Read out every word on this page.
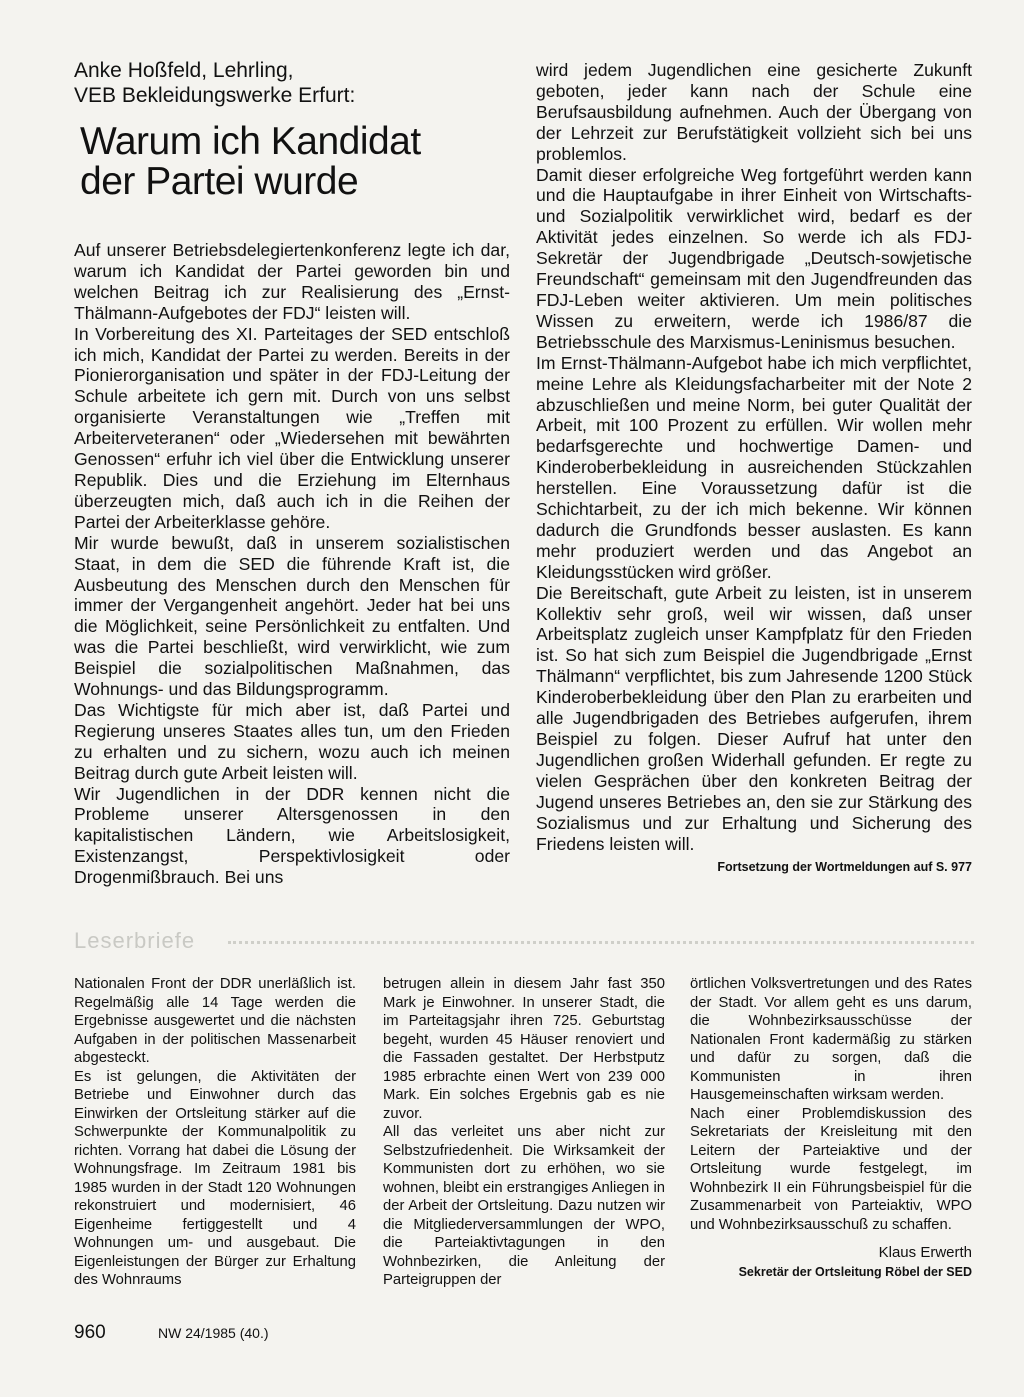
Anke Hoßfeld, Lehrling,

VEB Bekleidungswerke Erfurt:

Warum ich Kandidat
der Partei wurde

Auf unserer Betriebsdelegiertenkonferenz legte ich dar, warum ich Kandidat der Partei geworden bin und welchen Beitrag ich zur Realisierung des „Ernst-Thälmann-Aufgebotes der FDJ“ leisten will.

In Vorbereitung des XI. Parteitages der SED entschloß ich mich, Kandidat der Partei zu werden. Bereits in der Pionierorganisation und später in der FDJ-Leitung der Schule arbeitete ich gern mit. Durch von uns selbst organisierte Veranstaltungen wie „Treffen mit Arbeiterveteranen“ oder „Wiedersehen mit bewährten Genossen“ erfuhr ich viel über die Entwicklung unserer Republik. Dies und die Erziehung im Elternhaus überzeugten mich, daß auch ich in die Reihen der Partei der Arbeiterklasse gehöre.

Mir wurde bewußt, daß in unserem sozialistischen Staat, in dem die SED die führende Kraft ist, die Ausbeutung des Menschen durch den Menschen für immer der Vergangenheit angehört. Jeder hat bei uns die Möglichkeit, seine Persönlichkeit zu entfalten. Und was die Partei beschließt, wird verwirklicht, wie zum Beispiel die sozialpolitischen Maßnahmen, das Wohnungs- und das Bildungsprogramm.

Das Wichtigste für mich aber ist, daß Partei und Regierung unseres Staates alles tun, um den Frieden zu erhalten und zu sichern, wozu auch ich meinen Beitrag durch gute Arbeit leisten will.

Wir Jugendlichen in der DDR kennen nicht die Probleme unserer Altersgenossen in den kapitalistischen Ländern, wie Arbeitslosigkeit, Existenzangst, Perspektivlosigkeit oder Drogenmißbrauch. Bei uns

wird jedem Jugendlichen eine gesicherte Zukunft geboten, jeder kann nach der Schule eine Berufsausbildung aufnehmen. Auch der Übergang von der Lehrzeit zur Berufstätigkeit vollzieht sich bei uns problemlos.

Damit dieser erfolgreiche Weg fortgeführt werden kann und die Hauptaufgabe in ihrer Einheit von Wirtschafts- und Sozialpolitik verwirklichet wird, bedarf es der Aktivität jedes einzelnen. So werde ich als FDJ-Sekretär der Jugendbrigade „Deutsch-sowjetische Freundschaft“ gemeinsam mit den Jugendfreunden das FDJ-Leben weiter aktivieren. Um mein politisches Wissen zu erweitern, werde ich 1986/87 die Betriebsschule des Marxismus-Leninismus besuchen.

Im Ernst-Thälmann-Aufgebot habe ich mich verpflichtet, meine Lehre als Kleidungsfacharbeiter mit der Note 2 abzuschließen und meine Norm, bei guter Qualität der Arbeit, mit 100 Prozent zu erfüllen. Wir wollen mehr bedarfsgerechte und hochwertige Damen- und Kinderoberbekleidung in ausreichenden Stückzahlen herstellen. Eine Voraussetzung dafür ist die Schichtarbeit, zu der ich mich bekenne. Wir können dadurch die Grundfonds besser auslasten. Es kann mehr produziert werden und das Angebot an Kleidungsstücken wird größer.

Die Bereitschaft, gute Arbeit zu leisten, ist in unserem Kollektiv sehr groß, weil wir wissen, daß unser Arbeitsplatz zugleich unser Kampfplatz für den Frieden ist. So hat sich zum Beispiel die Jugendbrigade „Ernst Thälmann“ verpflichtet, bis zum Jahresende 1200 Stück Kinderoberbekleidung über den Plan zu erarbeiten und alle Jugendbrigaden des Betriebes aufgerufen, ihrem Beispiel zu folgen. Dieser Aufruf hat unter den Jugendlichen großen Widerhall gefunden. Er regte zu vielen Gesprächen über den konkreten Beitrag der Jugend unseres Betriebes an, den sie zur Stärkung des Sozialismus und zur Erhaltung und Sicherung des Friedens leisten will.

Fortsetzung der Wortmeldungen auf S. 977
Leserbriefe

Nationalen Front der DDR unerläßlich ist. Regelmäßig alle 14 Tage werden die Ergebnisse ausgewertet und die nächsten Aufgaben in der politischen Massenarbeit abgesteckt.

Es ist gelungen, die Aktivitäten der Betriebe und Einwohner durch das Einwirken der Ortsleitung stärker auf die Schwerpunkte der Kommunalpolitik zu richten. Vorrang hat dabei die Lösung der Wohnungsfrage. Im Zeitraum 1981 bis 1985 wurden in der Stadt 120 Wohnungen rekonstruiert und modernisiert, 46 Eigenheime fertiggestellt und 4 Wohnungen um- und ausgebaut. Die Eigenleistungen der Bürger zur Erhaltung des Wohnraums

betrugen allein in diesem Jahr fast 350 Mark je Einwohner. In unserer Stadt, die im Parteitagsjahr ihren 725. Geburtstag begeht, wurden 45 Häuser renoviert und die Fassaden gestaltet. Der Herbstputz 1985 erbrachte einen Wert von 239 000 Mark. Ein solches Ergebnis gab es nie zuvor.

All das verleitet uns aber nicht zur Selbstzufriedenheit. Die Wirksamkeit der Kommunisten dort zu erhöhen, wo sie wohnen, bleibt ein erstrangiges Anliegen in der Arbeit der Ortsleitung. Dazu nutzen wir die Mitgliederversammlungen der WPO, die Parteiaktivtagungen in den Wohnbezirken, die Anleitung der Parteigruppen der

örtlichen Volksvertretungen und des Rates der Stadt. Vor allem geht es uns darum, die Wohnbezirksausschüsse der Nationalen Front kadermäßig zu stärken und dafür zu sorgen, daß die Kommunisten in ihren Hausgemeinschaften wirksam werden.

Nach einer Problemdiskussion des Sekretariats der Kreisleitung mit den Leitern der Parteiaktive und der Ortsleitung wurde festgelegt, im Wohnbezirk II ein Führungsbeispiel für die Zusammenarbeit von Parteiaktiv, WPO und Wohnbezirksausschuß zu schaffen.

Klaus Erwerth
Sekretär der Ortsleitung Röbel der SED
960	NW 24/1985 (40.)
